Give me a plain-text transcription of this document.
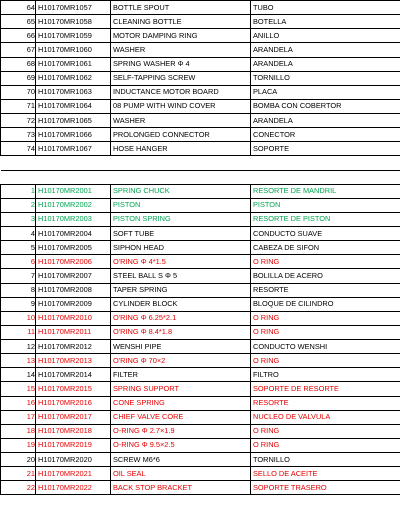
64	H10170MR1057	BOTTLE SPOUT	TUBO
65	H10170MR1058	CLEANING BOTTLE	BOTELLA
66	H10170MR1059	MOTOR DAMPING RING	ANILLO
67	H10170MR1060	WASHER	ARANDELA
68	H10170MR1061	SPRING WASHER Φ 4	ARANDELA
69	H10170MR1062	SELF-TAPPING SCREW	TORNILLO
70	H10170MR1063	INDUCTANCE MOTOR BOARD	PLACA
71	H10170MR1064	08 PUMP WITH WIND COVER	BOMBA CON COBERTOR
72	H10170MR1065	WASHER	ARANDELA
73	H10170MR1066	PROLONGED CONNECTOR	CONECTOR
74	H10170MR1067	HOSE HANGER	SOPORTE

1	H10170MR2001	SPRING CHUCK	RESORTE DE MANDRIL
2	H10170MR2002	PISTON	PISTON
3	H10170MR2003	PISTON SPRING	RESORTE DE PISTON
4	H10170MR2004	SOFT TUBE	CONDUCTO SUAVE
5	H10170MR2005	SIPHON HEAD	CABEZA DE SIFON
6	H10170MR2006	O'RING Φ 4*1.5	O RING
7	H10170MR2007	STEEL BALL S Φ 5	BOLILLA DE ACERO
8	H10170MR2008	TAPER SPRING	RESORTE
9	H10170MR2009	CYLINDER BLOCK	BLOQUE DE CILINDRO
10	H10170MR2010	O'RING Φ 6.25*2.1	O RING
11	H10170MR2011	O'RING Φ 8.4*1.8	O RING
12	H10170MR2012	WENSHI PIPE	CONDUCTO WENSHI
13	H10170MR2013	O'RING Φ 70×2	O RING
14	H10170MR2014	FILTER	FILTRO
15	H10170MR2015	SPRING SUPPORT	SOPORTE DE RESORTE
16	H10170MR2016	CONE SPRING	RESORTE
17	H10170MR2017	CHIEF VALVE CORE	NUCLEO DE VALVULA
18	H10170MR2018	O-RING Φ 2.7×1.9	O RING
19	H10170MR2019	O-RING Φ 9.5×2.5	O RING
20	H10170MR2020	SCREW M6*6	TORNILLO
21	H10170MR2021	OIL SEAL	SELLO DE ACEITE
22	H10170MR2022	BACK STOP BRACKET	SOPORTE TRASERO
